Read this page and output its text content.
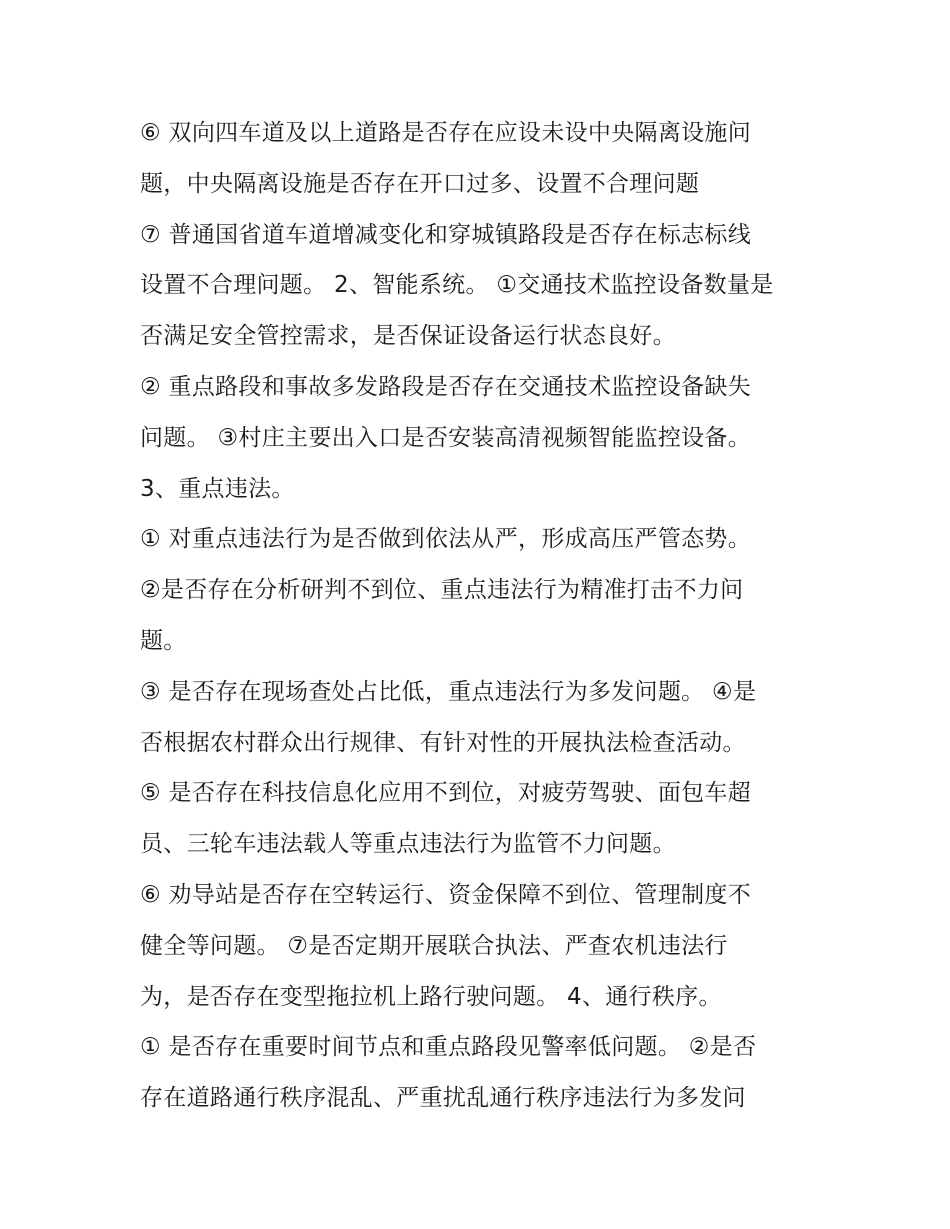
⑥ 双向四车道及以上道路是否存在应设未设中央隔离设施问
题，中央隔离设施是否存在开口过多、设置不合理问题
⑦ 普通国省道车道增减变化和穿城镇路段是否存在标志标线
设置不合理问题。 2、智能系统。 ①交通技术监控设备数量是
否满足安全管控需求，是否保证设备运行状态良好。
② 重点路段和事故多发路段是否存在交通技术监控设备缺失
问题。 ③村庄主要出入口是否安装高清视频智能监控设备。
3、重点违法。
① 对重点违法行为是否做到依法从严，形成高压严管态势。
②是否存在分析研判不到位、重点违法行为精准打击不力问
题。
③ 是否存在现场查处占比低，重点违法行为多发问题。 ④是
否根据农村群众出行规律、有针对性的开展执法检查活动。
⑤ 是否存在科技信息化应用不到位，对疲劳驾驶、面包车超
员、三轮车违法载人等重点违法行为监管不力问题。
⑥ 劝导站是否存在空转运行、资金保障不到位、管理制度不
健全等问题。 ⑦是否定期开展联合执法、严查农机违法行
为，是否存在变型拖拉机上路行驶问题。 4、通行秩序。
① 是否存在重要时间节点和重点路段见警率低问题。 ②是否
存在道路通行秩序混乱、严重扰乱通行秩序违法行为多发问
